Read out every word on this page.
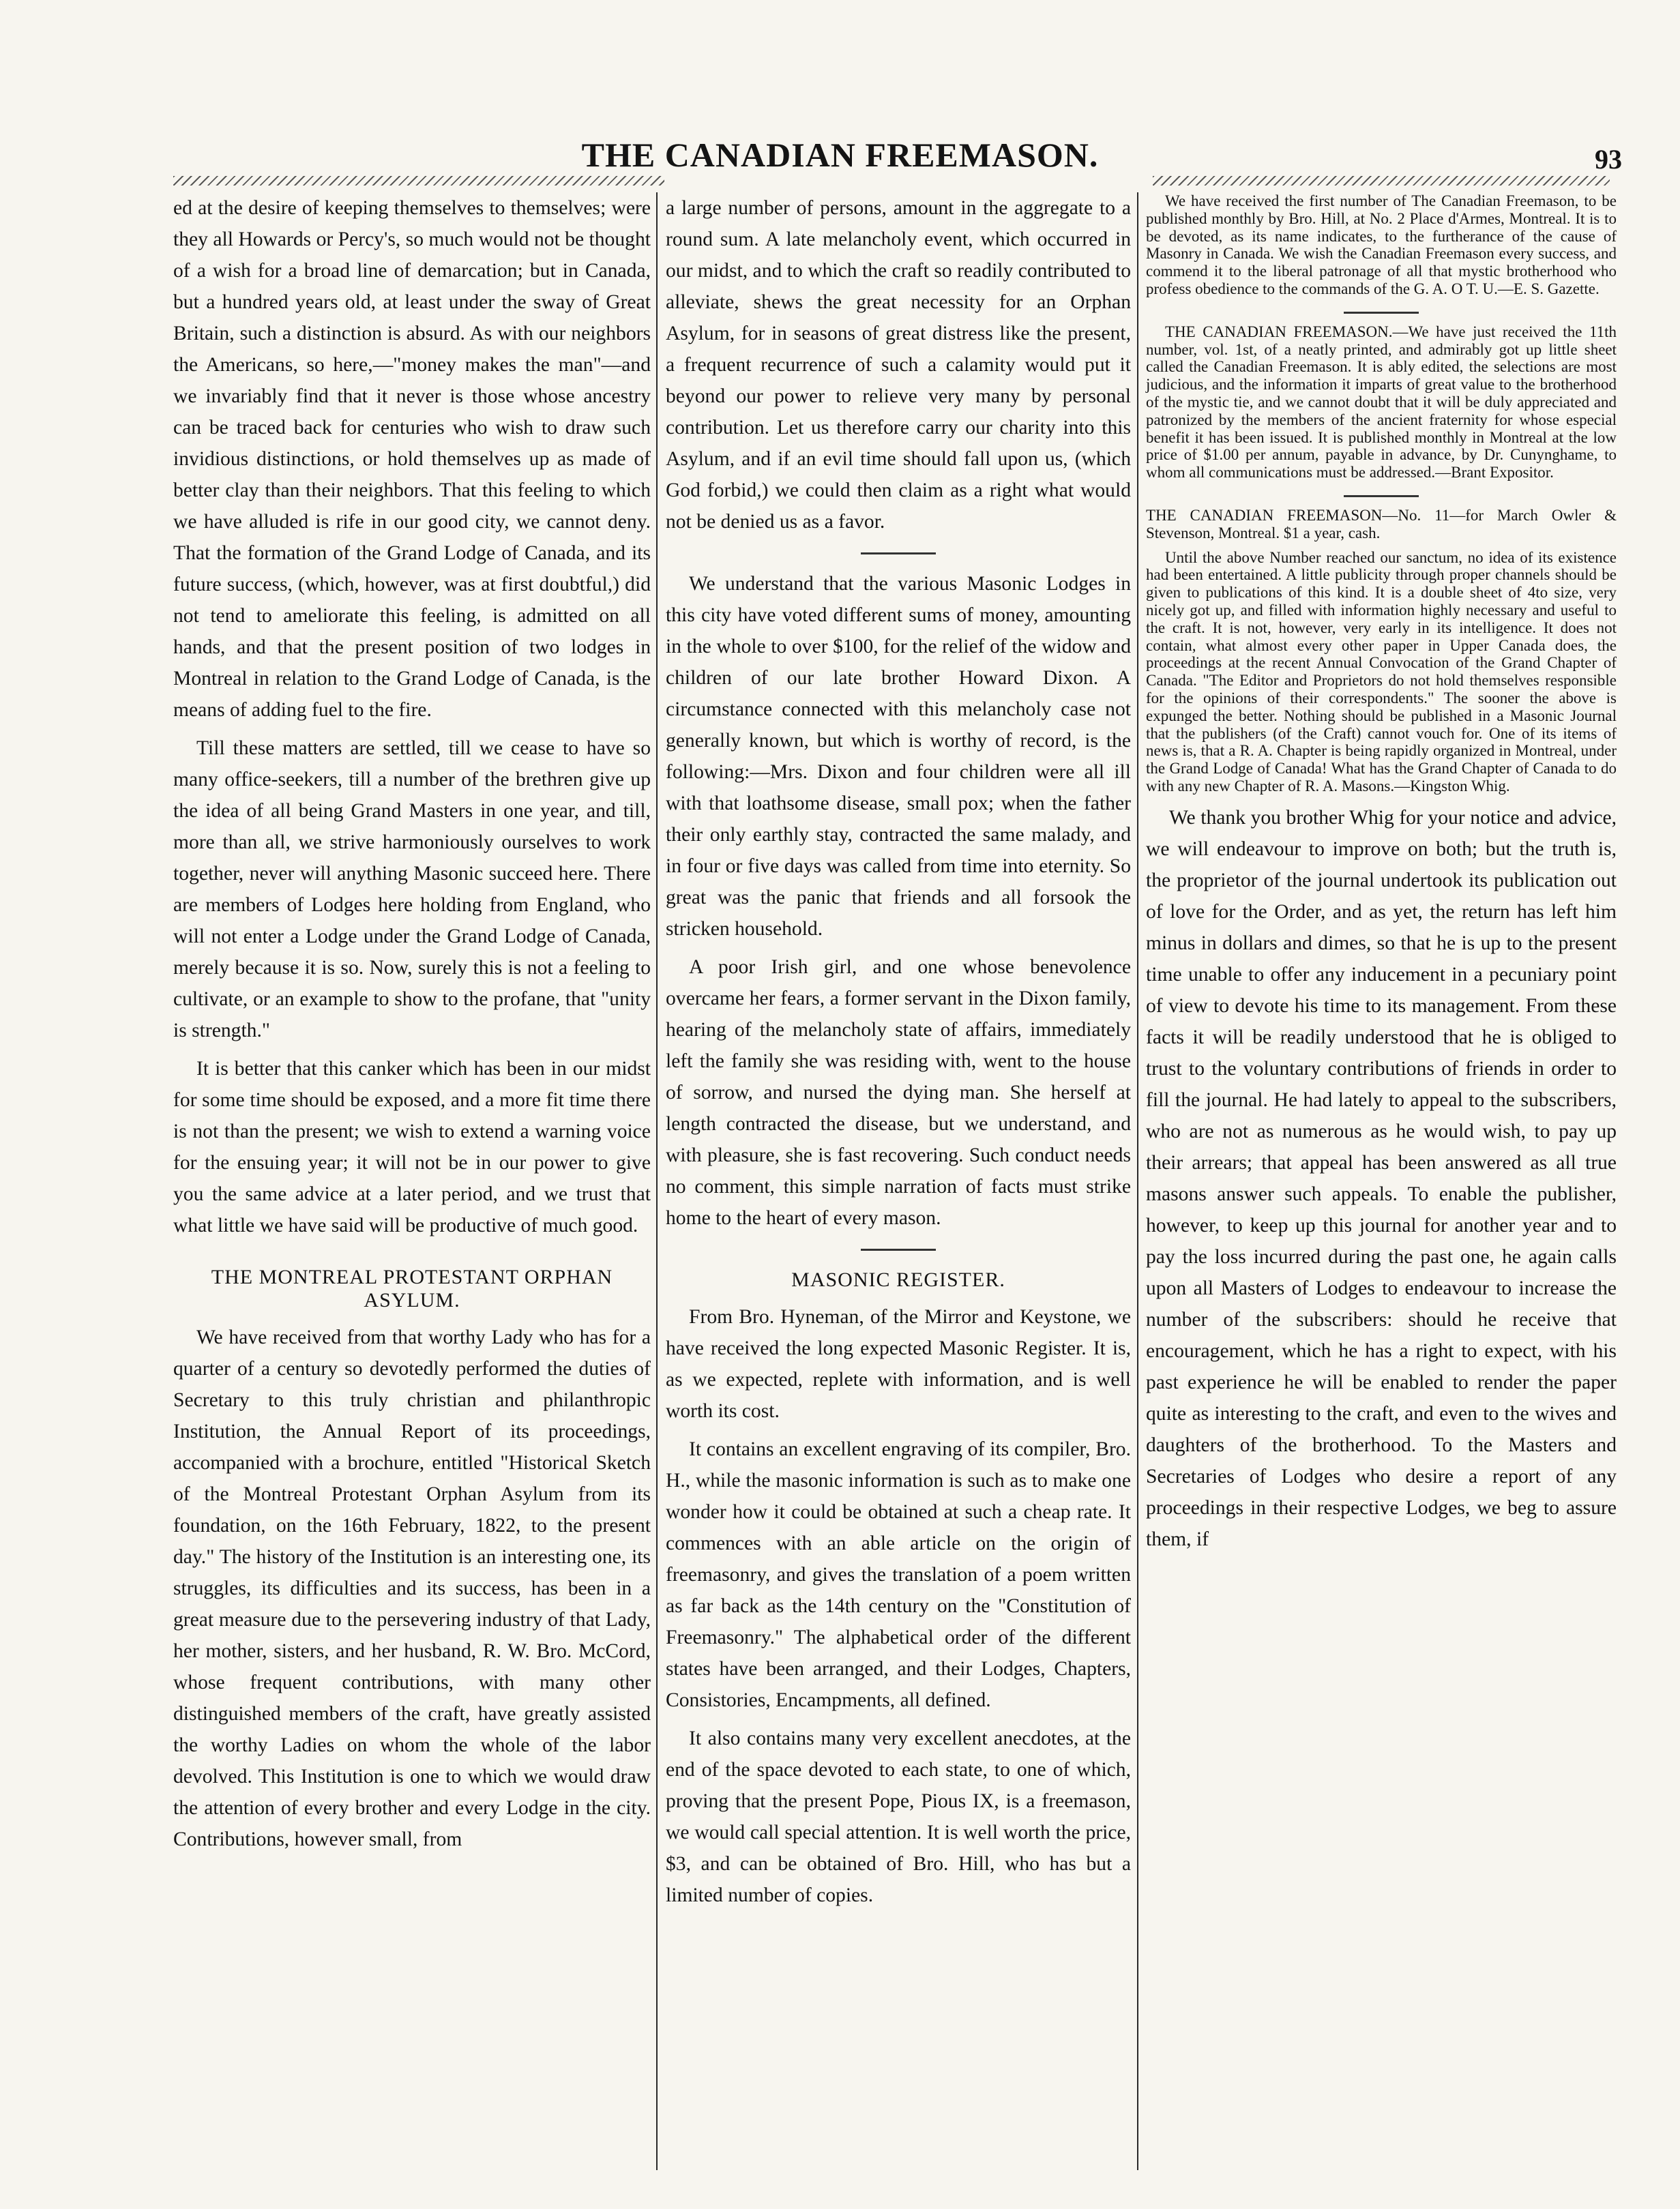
THE CANADIAN FREEMASON.	93

ed at the desire of keeping themselves to themselves; were they all Howards or Percy's, so much would not be thought of a wish for a broad line of demarcation; but in Canada, but a hundred years old, at least under the sway of Great Britain, such a distinction is absurd. As with our neighbors the Americans, so here,—"money makes the man"—and we invariably find that it never is those whose ancestry can be traced back for centuries who wish to draw such invidious distinctions, or hold themselves up as made of better clay than their neighbors. That this feeling to which we have alluded is rife in our good city, we cannot deny. That the formation of the Grand Lodge of Canada, and its future success, (which, however, was at first doubtful,) did not tend to ameliorate this feeling, is admitted on all hands, and that the present position of two lodges in Montreal in relation to the Grand Lodge of Canada, is the means of adding fuel to the fire.

Till these matters are settled, till we cease to have so many office-seekers, till a number of the brethren give up the idea of all being Grand Masters in one year, and till, more than all, we strive harmoniously ourselves to work together, never will anything Masonic succeed here. There are members of Lodges here holding from England, who will not enter a Lodge under the Grand Lodge of Canada, merely because it is so. Now, surely this is not a feeling to cultivate, or an example to show to the profane, that "unity is strength."

It is better that this canker which has been in our midst for some time should be exposed, and a more fit time there is not than the present; we wish to extend a warning voice for the ensuing year; it will not be in our power to give you the same advice at a later period, and we trust that what little we have said will be productive of much good.

THE MONTREAL PROTESTANT ORPHAN ASYLUM.

We have received from that worthy Lady who has for a quarter of a century so devotedly performed the duties of Secretary to this truly christian and philanthropic Institution, the Annual Report of its proceedings, accompanied with a brochure, entitled "Historical Sketch of the Montreal Protestant Orphan Asylum from its foundation, on the 16th February, 1822, to the present day." The history of the Institution is an interesting one, its struggles, its difficulties and its success, has been in a great measure due to the persevering industry of that Lady, her mother, sisters, and her husband, R. W. Bro. McCord, whose frequent contributions, with many other distinguished members of the craft, have greatly assisted the worthy Ladies on whom the whole of the labor devolved. This Institution is one to which we would draw the attention of every brother and every Lodge in the city. Contributions, however small, from

a large number of persons, amount in the aggregate to a round sum. A late melancholy event, which occurred in our midst, and to which the craft so readily contributed to alleviate, shews the great necessity for an Orphan Asylum, for in seasons of great distress like the present, a frequent recurrence of such a calamity would put it beyond our power to relieve very many by personal contribution. Let us therefore carry our charity into this Asylum, and if an evil time should fall upon us, (which God forbid,) we could then claim as a right what would not be denied us as a favor.

We understand that the various Masonic Lodges in this city have voted different sums of money, amounting in the whole to over $100, for the relief of the widow and children of our late brother Howard Dixon. A circumstance connected with this melancholy case not generally known, but which is worthy of record, is the following:—Mrs. Dixon and four children were all ill with that loathsome disease, small pox; when the father their only earthly stay, contracted the same malady, and in four or five days was called from time into eternity. So great was the panic that friends and all forsook the stricken household.

A poor Irish girl, and one whose benevolence overcame her fears, a former servant in the Dixon family, hearing of the melancholy state of affairs, immediately left the family she was residing with, went to the house of sorrow, and nursed the dying man. She herself at length contracted the disease, but we understand, and with pleasure, she is fast recovering. Such conduct needs no comment, this simple narration of facts must strike home to the heart of every mason.

MASONIC REGISTER.

From Bro. Hyneman, of the Mirror and Keystone, we have received the long expected Masonic Register. It is, as we expected, replete with information, and is well worth its cost.

It contains an excellent engraving of its compiler, Bro. H., while the masonic information is such as to make one wonder how it could be obtained at such a cheap rate. It commences with an able article on the origin of freemasonry, and gives the translation of a poem written as far back as the 14th century on the "Constitution of Freemasonry." The alphabetical order of the different states have been arranged, and their Lodges, Chapters, Consistories, Encampments, all defined.

It also contains many very excellent anecdotes, at the end of the space devoted to each state, to one of which, proving that the present Pope, Pious IX, is a freemason, we would call special attention. It is well worth the price, $3, and can be obtained of Bro. Hill, who has but a limited number of copies.

We have received the first number of The Canadian Freemason, to be published monthly by Bro. Hill, at No. 2 Place d'Armes, Montreal. It is to be devoted, as its name indicates, to the furtherance of the cause of Masonry in Canada. We wish the Canadian Freemason every success, and commend it to the liberal patronage of all that mystic brotherhood who profess obedience to the commands of the G. A. O T. U.—E. S. Gazette.

THE CANADIAN FREEMASON.—We have just received the 11th number, vol. 1st, of a neatly printed, and admirably got up little sheet called the Canadian Freemason. It is ably edited, the selections are most judicious, and the information it imparts of great value to the brotherhood of the mystic tie, and we cannot doubt that it will be duly appreciated and patronized by the members of the ancient fraternity for whose especial benefit it has been issued. It is published monthly in Montreal at the low price of $1.00 per annum, payable in advance, by Dr. Cunynghame, to whom all communications must be addressed.—Brant Expositor.

THE CANADIAN FREEMASON—No. 11—for March Owler & Stevenson, Montreal. $1 a year, cash.

Until the above Number reached our sanctum, no idea of its existence had been entertained. A little publicity through proper channels should be given to publications of this kind. It is a double sheet of 4to size, very nicely got up, and filled with information highly necessary and useful to the craft. It is not, however, very early in its intelligence. It does not contain, what almost every other paper in Upper Canada does, the proceedings at the recent Annual Convocation of the Grand Chapter of Canada. "The Editor and Proprietors do not hold themselves responsible for the opinions of their correspondents." The sooner the above is expunged the better. Nothing should be published in a Masonic Journal that the publishers (of the Craft) cannot vouch for. One of its items of news is, that a R. A. Chapter is being rapidly organized in Montreal, under the Grand Lodge of Canada! What has the Grand Chapter of Canada to do with any new Chapter of R. A. Masons.—Kingston Whig.

We thank you brother Whig for your notice and advice, we will endeavour to improve on both; but the truth is, the proprietor of the journal undertook its publication out of love for the Order, and as yet, the return has left him minus in dollars and dimes, so that he is up to the present time unable to offer any inducement in a pecuniary point of view to devote his time to its management. From these facts it will be readily understood that he is obliged to trust to the voluntary contributions of friends in order to fill the journal. He had lately to appeal to the subscribers, who are not as numerous as he would wish, to pay up their arrears; that appeal has been answered as all true masons answer such appeals. To enable the publisher, however, to keep up this journal for another year and to pay the loss incurred during the past one, he again calls upon all Masters of Lodges to endeavour to increase the number of the subscribers: should he receive that encouragement, which he has a right to expect, with his past experience he will be enabled to render the paper quite as interesting to the craft, and even to the wives and daughters of the brotherhood. To the Masters and Secretaries of Lodges who desire a report of any proceedings in their respective Lodges, we beg to assure them, if
